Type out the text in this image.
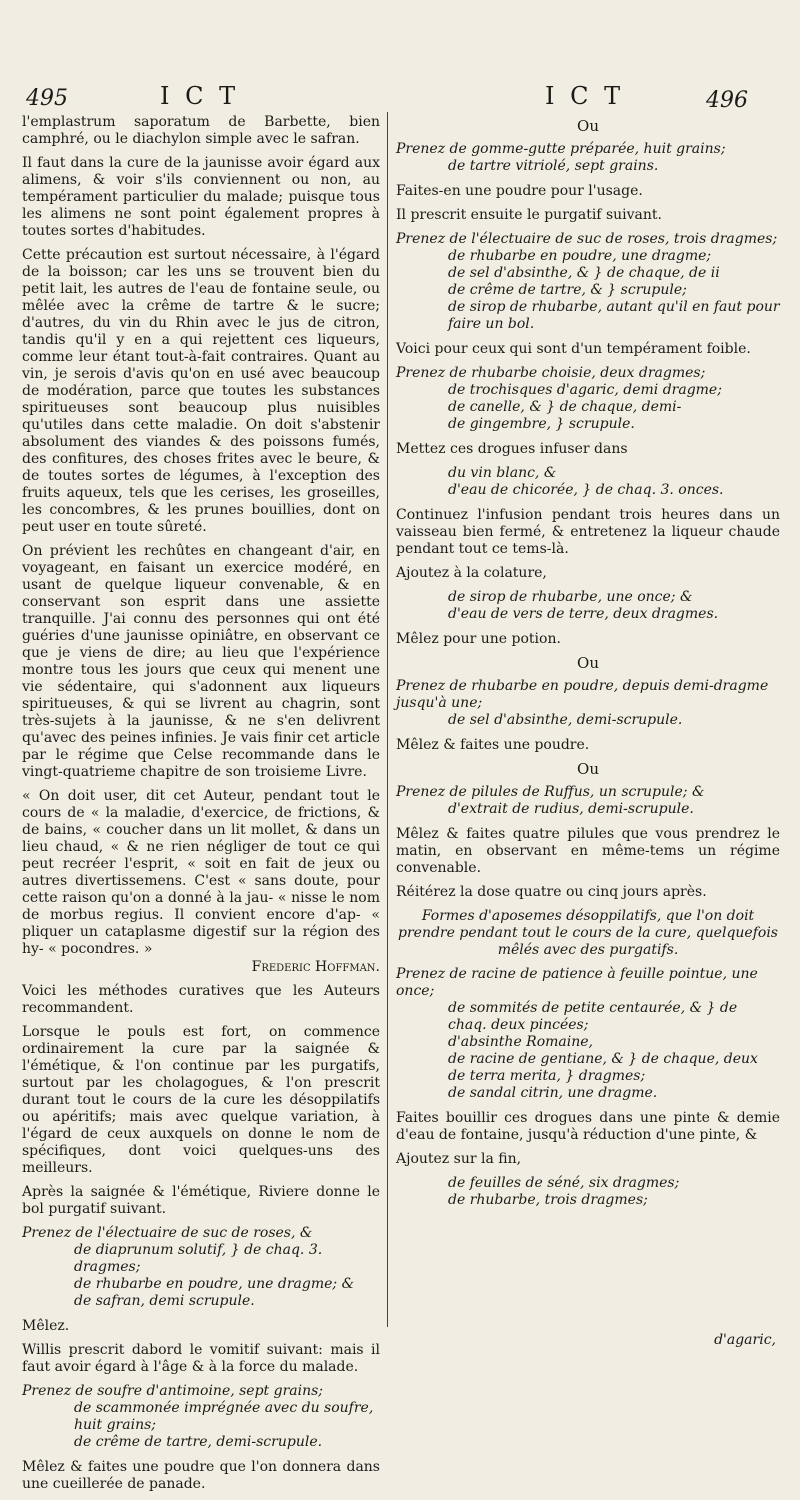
495	I C T	I C T	496

l'emplastrum saporatum de Barbette, bien camphré, ou le diachylon simple avec le safran.

Il faut dans la cure de la jaunisse avoir égard aux alimens, & voir s'ils conviennent ou non, au tempérament particulier du malade; puisque tous les alimens ne sont point également propres à toutes sortes d'habitudes.

Cette précaution est surtout nécessaire, à l'égard de la boisson; car les uns se trouvent bien du petit lait, les autres de l'eau de fontaine seule, ou mêlée avec la crême de tartre & le sucre; d'autres, du vin du Rhin avec le jus de citron, tandis qu'il y en a qui rejettent ces liqueurs, comme leur étant tout-à-fait contraires. Quant au vin, je serois d'avis qu'on en usé avec beaucoup de modération, parce que toutes les substances spiritueuses sont beaucoup plus nuisibles qu'utiles dans cette maladie. On doit s'abstenir absolument des viandes & des poissons fumés, des confitures, des choses frites avec le beure, & de toutes sortes de légumes, à l'exception des fruits aqueux, tels que les cerises, les groseilles, les concombres, & les prunes bouillies, dont on peut user en toute sûreté.

On prévient les rechûtes en changeant d'air, en voyageant, en faisant un exercice modéré, en usant de quelque liqueur convenable, & en conservant son esprit dans une assiette tranquille. J'ai connu des personnes qui ont été guéries d'une jaunisse opiniâtre, en observant ce que je viens de dire; au lieu que l'expérience montre tous les jours que ceux qui menent une vie sédentaire, qui s'adonnent aux liqueurs spiritueuses, & qui se livrent au chagrin, sont très-sujets à la jaunisse, & ne s'en delivrent qu'avec des peines infinies. Je vais finir cet article par le régime que Celse recommande dans le vingt-quatrieme chapitre de son troisieme Livre.

« On doit user, dit cet Auteur, pendant tout le cours de « la maladie, d'exercice, de frictions, & de bains, « coucher dans un lit mollet, & dans un lieu chaud, « & ne rien négliger de tout ce qui peut recréer l'esprit, « soit en fait de jeux ou autres divertissemens. C'est « sans doute, pour cette raison qu'on a donné à la jau- « nisse le nom de morbus regius. Il convient encore d'ap- « pliquer un cataplasme digestif sur la région des hy- « pocondres. »

Frederic Hoffman.

Voici les méthodes curatives que les Auteurs recommandent.

Lorsque le pouls est fort, on commence ordinairement la cure par la saignée & l'émétique, & l'on continue par les purgatifs, surtout par les cholagogues, & l'on prescrit durant tout le cours de la cure les désoppilatifs ou apéritifs; mais avec quelque variation, à l'égard de ceux auxquels on donne le nom de spécifiques, dont voici quelques-uns des meilleurs.

Après la saignée & l'émétique, Riviere donne le bol purgatif suivant.

Prenez de l'électuaire de suc de roses, &
de diaprunum solutif, } de chaq. 3. dragmes;
de rhubarbe en poudre, une dragme; &
de safran, demi scrupule.

Mêlez.

Willis prescrit dabord le vomitif suivant: mais il faut avoir égard à l'âge & à la force du malade.

Prenez de soufre d'antimoine, sept grains;
de scammonée imprégnée avec du soufre, huit grains;
de crême de tartre, demi-scrupule.

Mêlez & faites une poudre que l'on donnera dans une cueillerée de panade.

Ou

Prenez de gomme-gutte préparée, huit grains;
de tartre vitriolé, sept grains.

Faites-en une poudre pour l'usage.

Il prescrit ensuite le purgatif suivant.

Prenez de l'électuaire de suc de roses, trois dragmes;
de rhubarbe en poudre, une dragme;
de sel d'absinthe, & } de chaque, de ii
de crême de tartre, & } scrupule;
de sirop de rhubarbe, autant qu'il en faut pour faire un bol.

Voici pour ceux qui sont d'un tempérament foible.

Prenez de rhubarbe choisie, deux dragmes;
de trochisques d'agaric, demi dragme;
de canelle, & } de chaque, demi-
de gingembre, } scrupule.

Mettez ces drogues infuser dans

du vin blanc, &
d'eau de chicorée, } de chaq. 3. onces.

Continuez l'infusion pendant trois heures dans un vaisseau bien fermé, & entretenez la liqueur chaude pendant tout ce tems-là.

Ajoutez à la colature,

de sirop de rhubarbe, une once; &
d'eau de vers de terre, deux dragmes.

Mêlez pour une potion.

Ou

Prenez de rhubarbe en poudre, depuis demi-dragme jusqu'à une;
de sel d'absinthe, demi-scrupule.

Mêlez & faites une poudre.

Ou

Prenez de pilules de Ruffus, un scrupule; &
d'extrait de rudius, demi-scrupule.

Mêlez & faites quatre pilules que vous prendrez le matin, en observant en même-tems un régime convenable.

Réitérez la dose quatre ou cinq jours après.

Formes d'aposemes désoppilatifs, que l'on doit prendre pendant tout le cours de la cure, quelquefois mêlés avec des purgatifs.

Prenez de racine de patience à feuille pointue, une once;
de sommités de petite centaurée, & } de chaq. deux pincées;
d'absinthe Romaine,
de racine de gentiane, & } de chaque, deux
de terra merita, } dragmes;
de sandal citrin, une dragme.

Faites bouillir ces drogues dans une pinte & demie d'eau de fontaine, jusqu'à réduction d'une pinte, &

Ajoutez sur la fin,

de feuilles de séné, six dragmes;
de rhubarbe, trois dragmes;
d'agaric,
